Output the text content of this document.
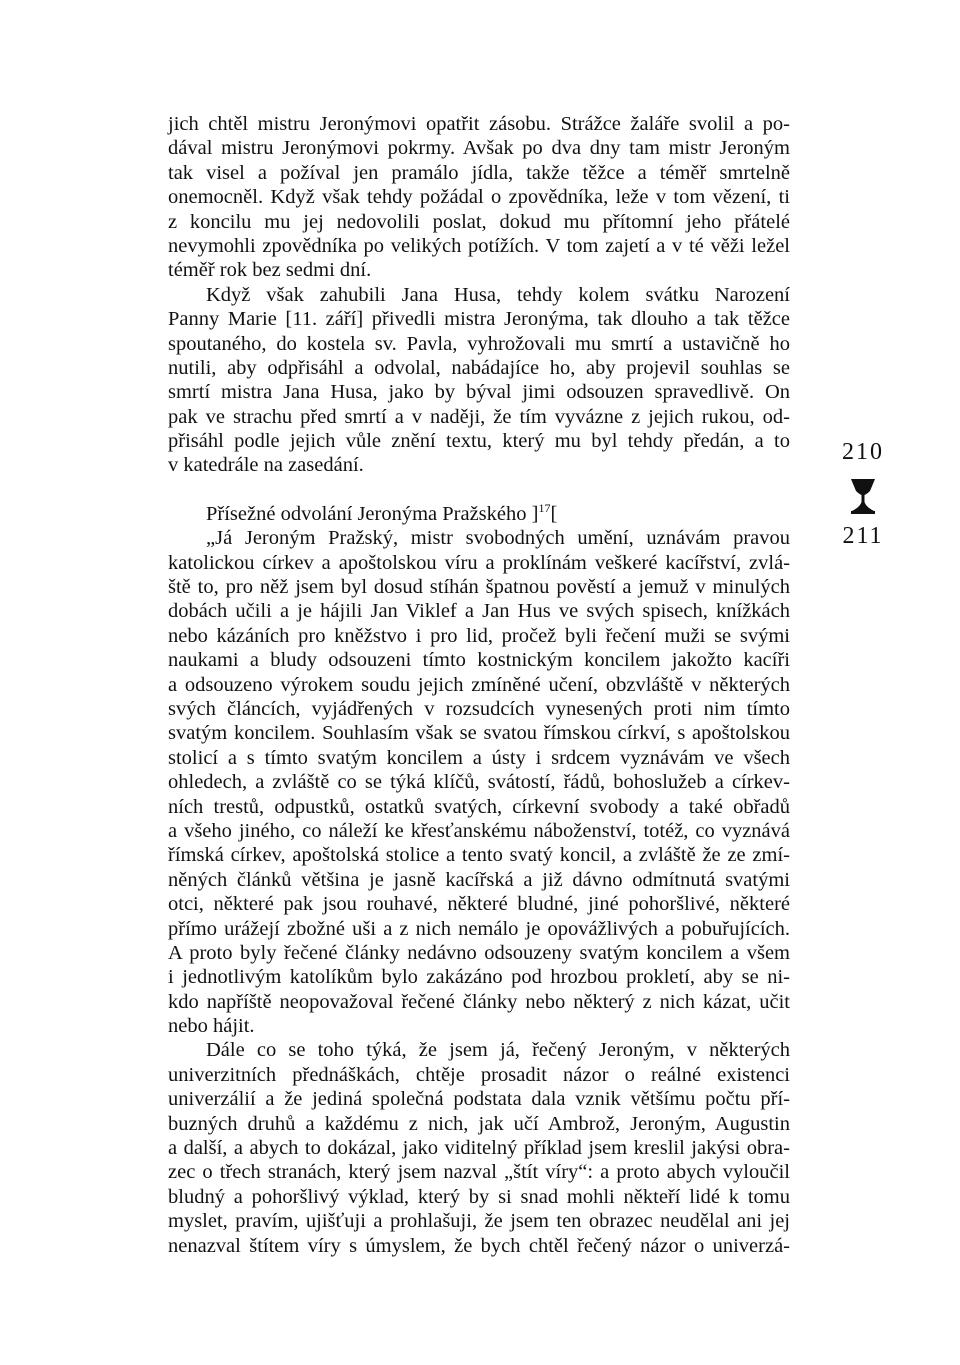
jich chtěl mistru Jeronýmovi opatřit zásobu. Strážce žaláře svolil a po-
dával mistru Jeronýmovi pokrmy. Avšak po dva dny tam mistr Jeroným
tak visel a požíval jen pramálo jídla, takže těžce a téměř smrtelně
onemocněl. Když však tehdy požádal o zpovědníka, leže v tom vězení, ti
z koncilu mu jej nedovolili poslat, dokud mu přítomní jeho přátelé
nevymohli zpovědníka po velikých potížích. V tom zajetí a v té věži ležel
téměř rok bez sedmi dní.
Když však zahubili Jana Husa, tehdy kolem svátku Narození
Panny Marie [11. září] přivedli mistra Jeronýma, tak dlouho a tak těžce
spoutaného, do kostela sv. Pavla, vyhrožovali mu smrtí a ustavičně ho
nutili, aby odpřisáhl a odvolal, nabádajíce ho, aby projevil souhlas se
smrtí mistra Jana Husa, jako by býval jimi odsouzen spravedlivě. On
pak ve strachu před smrtí a v naději, že tím vyvázne z jejich rukou, od-
přisáhl podle jejich vůle znění textu, který mu byl tehdy předán, a to
v katedrále na zasedání.
Přísežné odvolání Jeronýma Pražského ]$^{17}$[
„Já Jeroným Pražský, mistr svobodných umění, uznávám pravou
katolickou církev a apoštolskou víru a proklínám veškeré kacířství, zvlá-
ště to, pro něž jsem byl dosud stíhán špatnou pověstí a jemuž v minulých
dobách učili a je hájili Jan Viklef a Jan Hus ve svých spisech, knížkách
nebo kázáních pro kněžstvo i pro lid, pročež byli řečení muži se svými
naukami a bludy odsouzeni tímto kostnickým koncilem jakožto kacíři
a odsouzeno výrokem soudu jejich zmíněné učení, obzvláště v některých
svých článcích, vyjádřených v rozsudcích vynesených proti nim tímto
svatým koncilem. Souhlasím však se svatou římskou církví, s apoštolskou
stolicí a s tímto svatým koncilem a ústy i srdcem vyznávám ve všech
ohledech, a zvláště co se týká klíčů, svátostí, řádů, bohoslužeb a církev-
ních trestů, odpustků, ostatků svatých, církevní svobody a také obřadů
a všeho jiného, co náleží ke křesťanskému náboženství, totéž, co vyznává
římská církev, apoštolská stolice a tento svatý koncil, a zvláště že ze zmí-
něných článků většina je jasně kacířská a již dávno odmítnutá svatými
otci, některé pak jsou rouhavé, některé bludné, jiné pohoršlivé, některé
přímo urážejí zbožné uši a z nich nemálo je opovážlivých a pobuřujících.
A proto byly řečené články nedávno odsouzeny svatým koncilem a všem
i jednotlivým katolíkům bylo zakázáno pod hrozbou prokletí, aby se ni-
kdo napříště neopovažoval řečené články nebo některý z nich kázat, učit
nebo hájit.
Dále co se toho týká, že jsem já, řečený Jeroným, v některých
univerzitních přednáškách, chtěje prosadit názor o reálné existenci
univerzálií a že jediná společná podstata dala vznik většímu počtu pří-
buzných druhů a každému z nich, jak učí Ambrož, Jeroným, Augustin
a další, a abych to dokázal, jako viditelný příklad jsem kreslil jakýsi obra-
zec o třech stranách, který jsem nazval „štít víry“: a proto abych vyloučil
bludný a pohoršlivý výklad, který by si snad mohli někteří lidé k tomu
myslet, pravím, ujišťuji a prohlašuji, že jsem ten obrazec neudělal ani jej
nenazval štítem víry s úmyslem, že bych chtěl řečený názor o univerzá-
210
211
